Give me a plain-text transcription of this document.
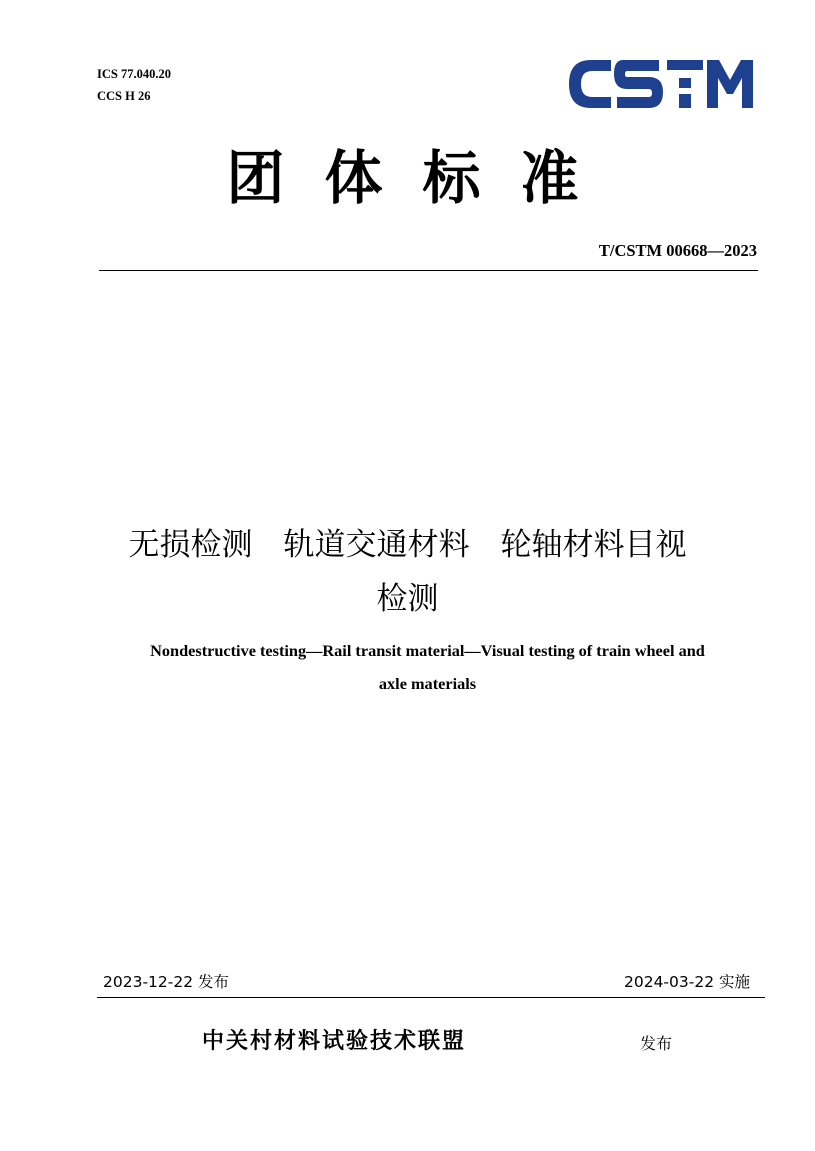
ICS 77.040.20
CCS H 26
团体标准
T/CSTM 00668—2023
无损检测　轨道交通材料　轮轴材料目视
检测
Nondestructive testing—Rail transit material—Visual testing of train wheel and
axle materials
2023-12-22 发布	2024-03-22 实施
中关村材料试验技术联盟	发布
